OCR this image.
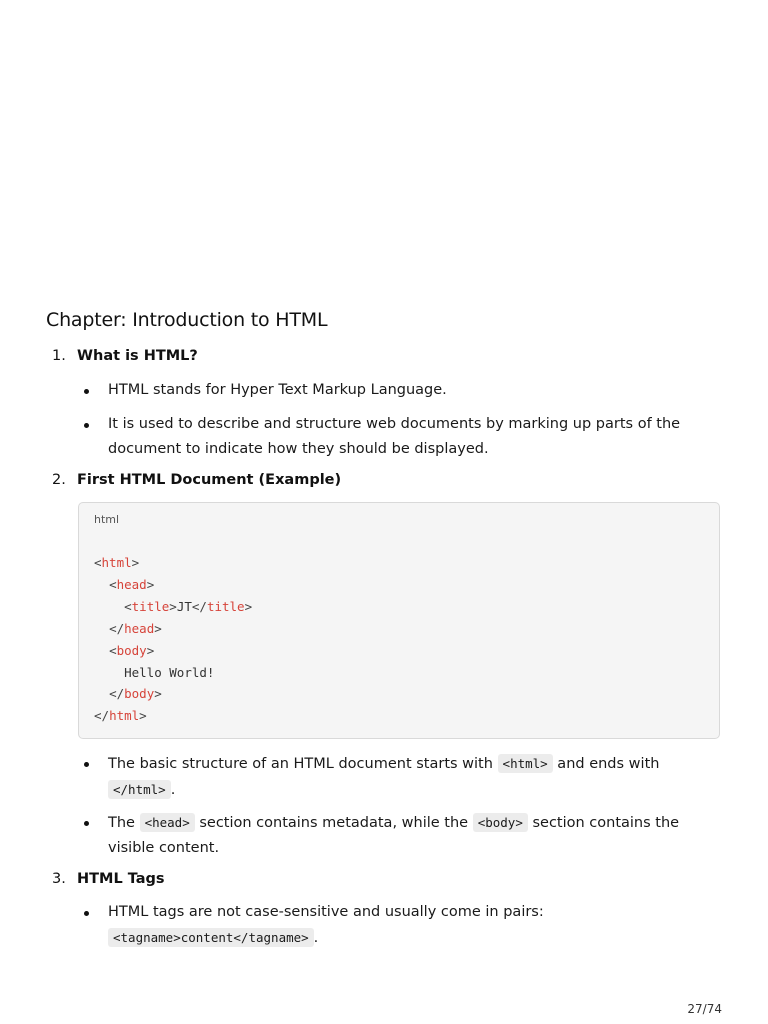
Chapter: Introduction to HTML
1. What is HTML?
HTML stands for Hyper Text Markup Language.
It is used to describe and structure web documents by marking up parts of the document to indicate how they should be displayed.
2. First HTML Document (Example)
html
<html>
<head>
<title>JT</title>
</head>
<body>
Hello World!
</body>
</html>
The basic structure of an HTML document starts with <html> and ends with
</html> .
The <head> section contains metadata, while the <body> section contains the visible content.
3. HTML Tags
HTML tags are not case-sensitive and usually come in pairs:
<tagname>content</tagname> .
27/74
